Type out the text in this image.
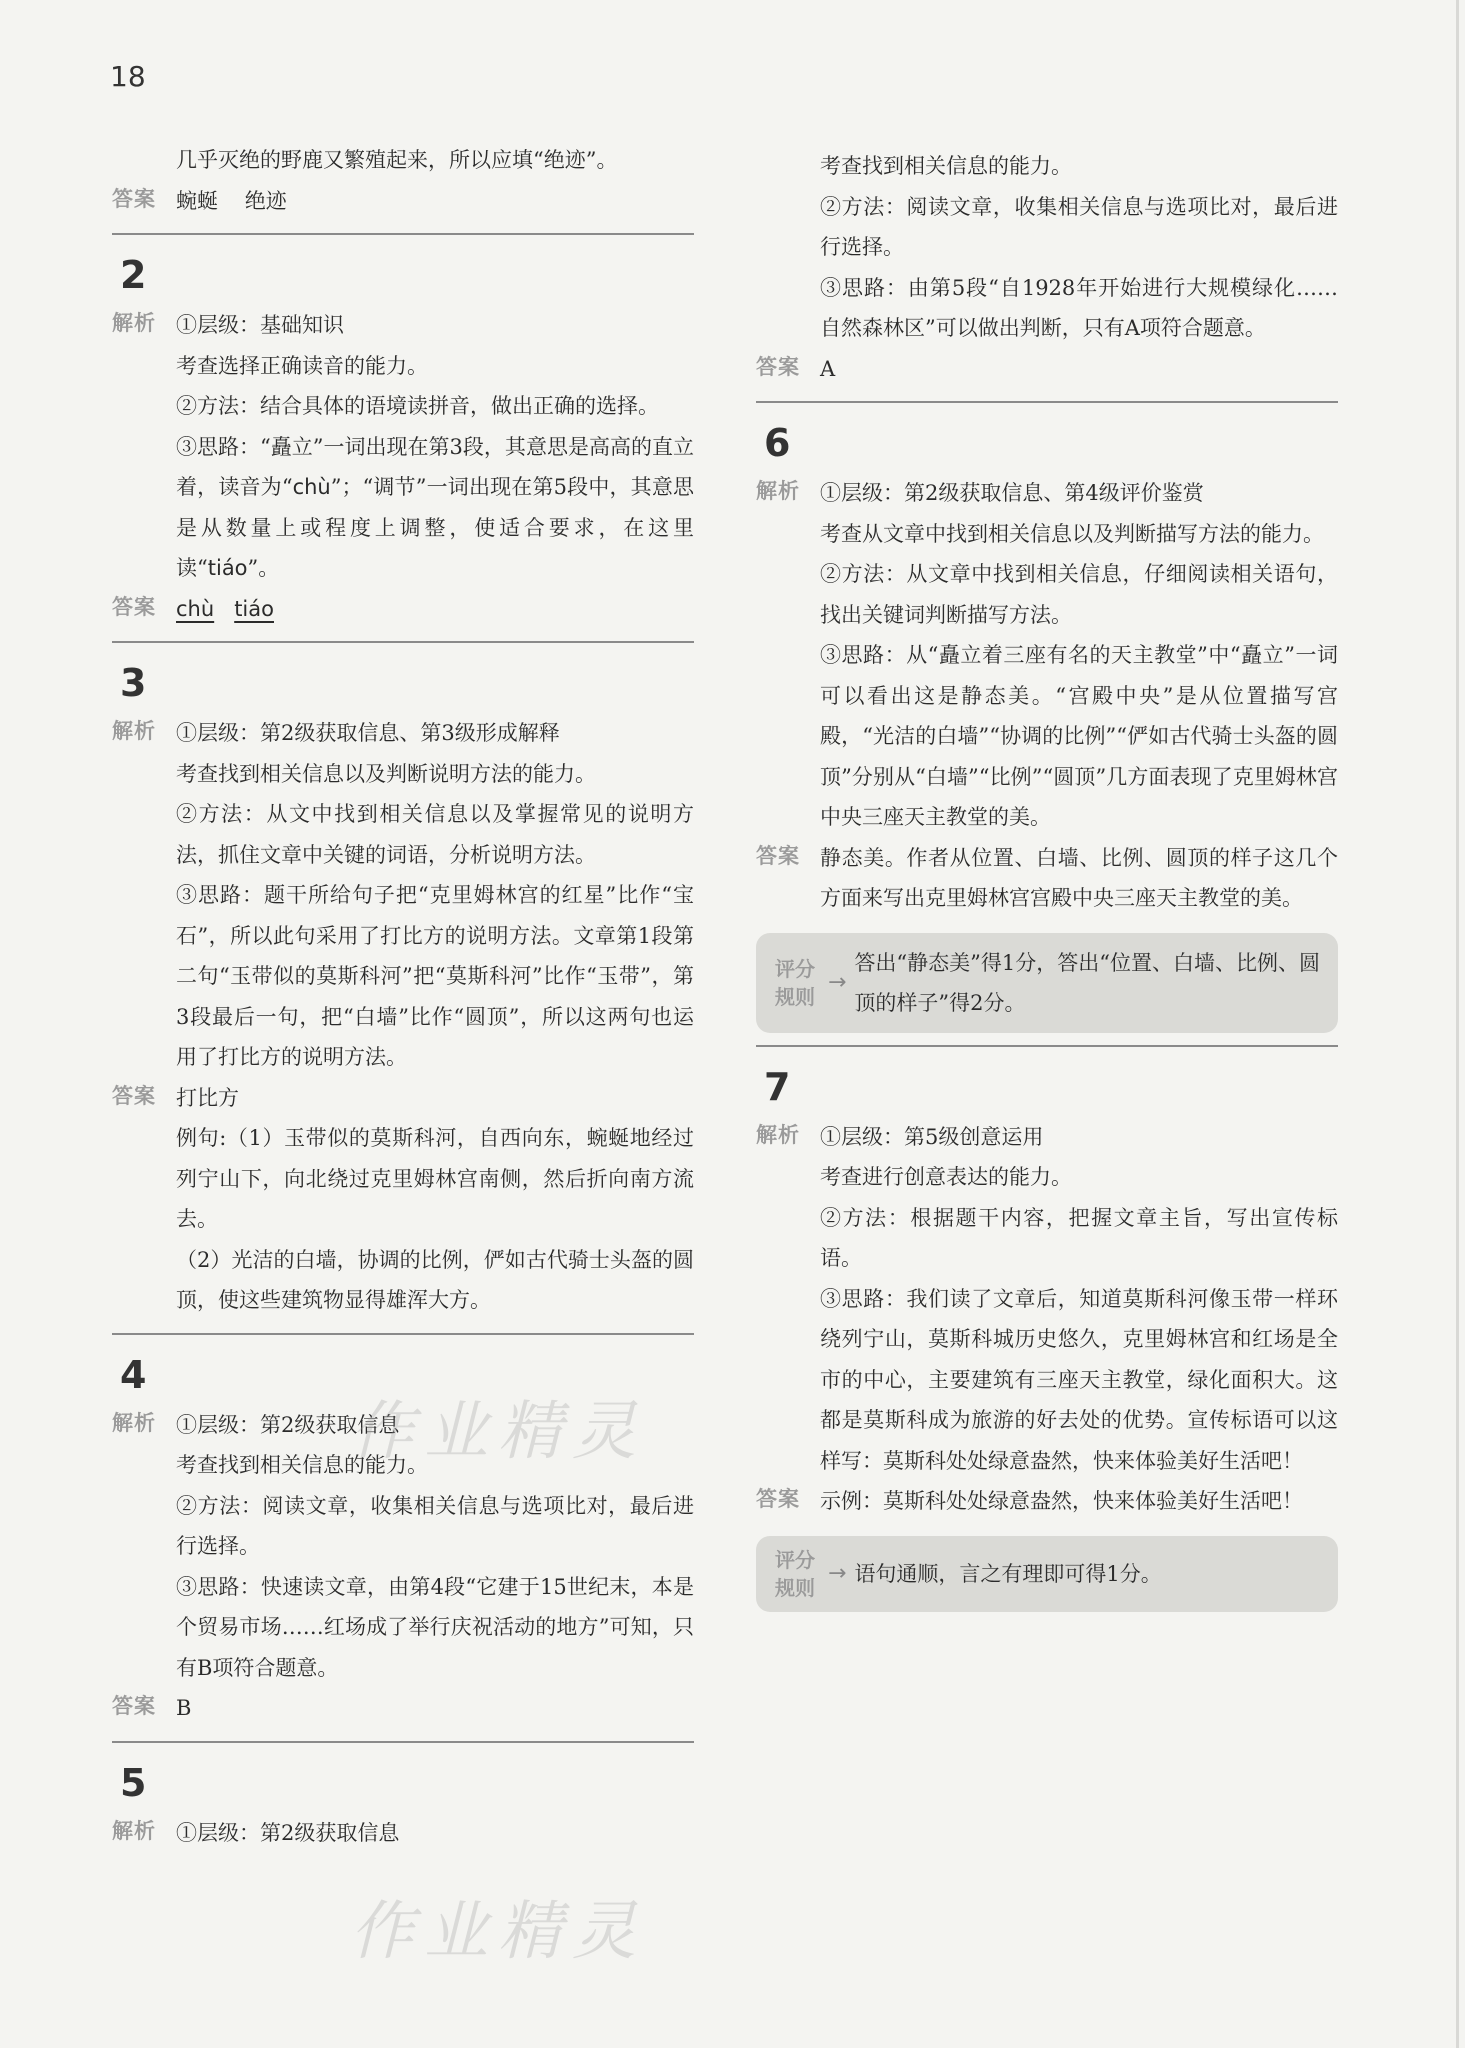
18

几乎灭绝的野鹿又繁殖起来，所以应填“绝迹”。

答案 蜿蜒 绝迹
2
解析 ①层级：基础知识

考查选择正确读音的能力。

②方法：结合具体的语境读拼音，做出正确的选择。

③思路：“矗立”一词出现在第3段，其意思是高高的直立着，读音为“chù”；“调节”一词出现在第5段中，其意思是从数量上或程度上调整，使适合要求，在这里读“tiáo”。

答案 chù tiáo
3
解析 ①层级：第2级获取信息、第3级形成解释

考查找到相关信息以及判断说明方法的能力。

②方法：从文中找到相关信息以及掌握常见的说明方法，抓住文章中关键的词语，分析说明方法。

③思路：题干所给句子把“克里姆林宫的红星”比作“宝石”，所以此句采用了打比方的说明方法。文章第1段第二句“玉带似的莫斯科河”把“莫斯科河”比作“玉带”，第3段最后一句，把“白墙”比作“圆顶”，所以这两句也运用了打比方的说明方法。

答案 打比方

例句:（1）玉带似的莫斯科河，自西向东，蜿蜒地经过列宁山下，向北绕过克里姆林宫南侧，然后折向南方流去。

（2）光洁的白墙，协调的比例，俨如古代骑士头盔的圆顶，使这些建筑物显得雄浑大方。

4
解析 ①层级：第2级获取信息

考查找到相关信息的能力。

②方法：阅读文章，收集相关信息与选项比对，最后进行选择。

③思路：快速读文章，由第4段“它建于15世纪末，本是个贸易市场……红场成了举行庆祝活动的地方”可知，只有B项符合题意。

答案 B
5
解析 ①层级：第2级获取信息

考查找到相关信息的能力。

②方法：阅读文章，收集相关信息与选项比对，最后进行选择。

③思路：由第5段“自1928年开始进行大规模绿化……自然森林区”可以做出判断，只有A项符合题意。

答案 A
6
解析 ①层级：第2级获取信息、第4级评价鉴赏

考查从文章中找到相关信息以及判断描写方法的能力。

②方法：从文章中找到相关信息，仔细阅读相关语句，找出关键词判断描写方法。

③思路：从“矗立着三座有名的天主教堂”中“矗立”一词可以看出这是静态美。“宫殿中央”是从位置描写宫殿，“光洁的白墙”“协调的比例”“俨如古代骑士头盔的圆顶”分别从“白墙”“比例”“圆顶”几方面表现了克里姆林宫中央三座天主教堂的美。

答案 静态美。作者从位置、白墙、比例、圆顶的样子这几个方面来写出克里姆林宫宫殿中央三座天主教堂的美。

评分
规则
→
答出“静态美”得1分，答出“位置、白墙、比例、圆顶的样子”得2分。
7
解析 ①层级：第5级创意运用

考查进行创意表达的能力。

②方法：根据题干内容，把握文章主旨，写出宣传标语。

③思路：我们读了文章后，知道莫斯科河像玉带一样环绕列宁山，莫斯科城历史悠久，克里姆林宫和红场是全市的中心，主要建筑有三座天主教堂，绿化面积大。这都是莫斯科成为旅游的好去处的优势。宣传标语可以这样写：莫斯科处处绿意盎然，快来体验美好生活吧！

答案 示例：莫斯科处处绿意盎然，快来体验美好生活吧！

评分
规则
→ 语句通顺，言之有理即可得1分。
作业精灵
作业精灵
